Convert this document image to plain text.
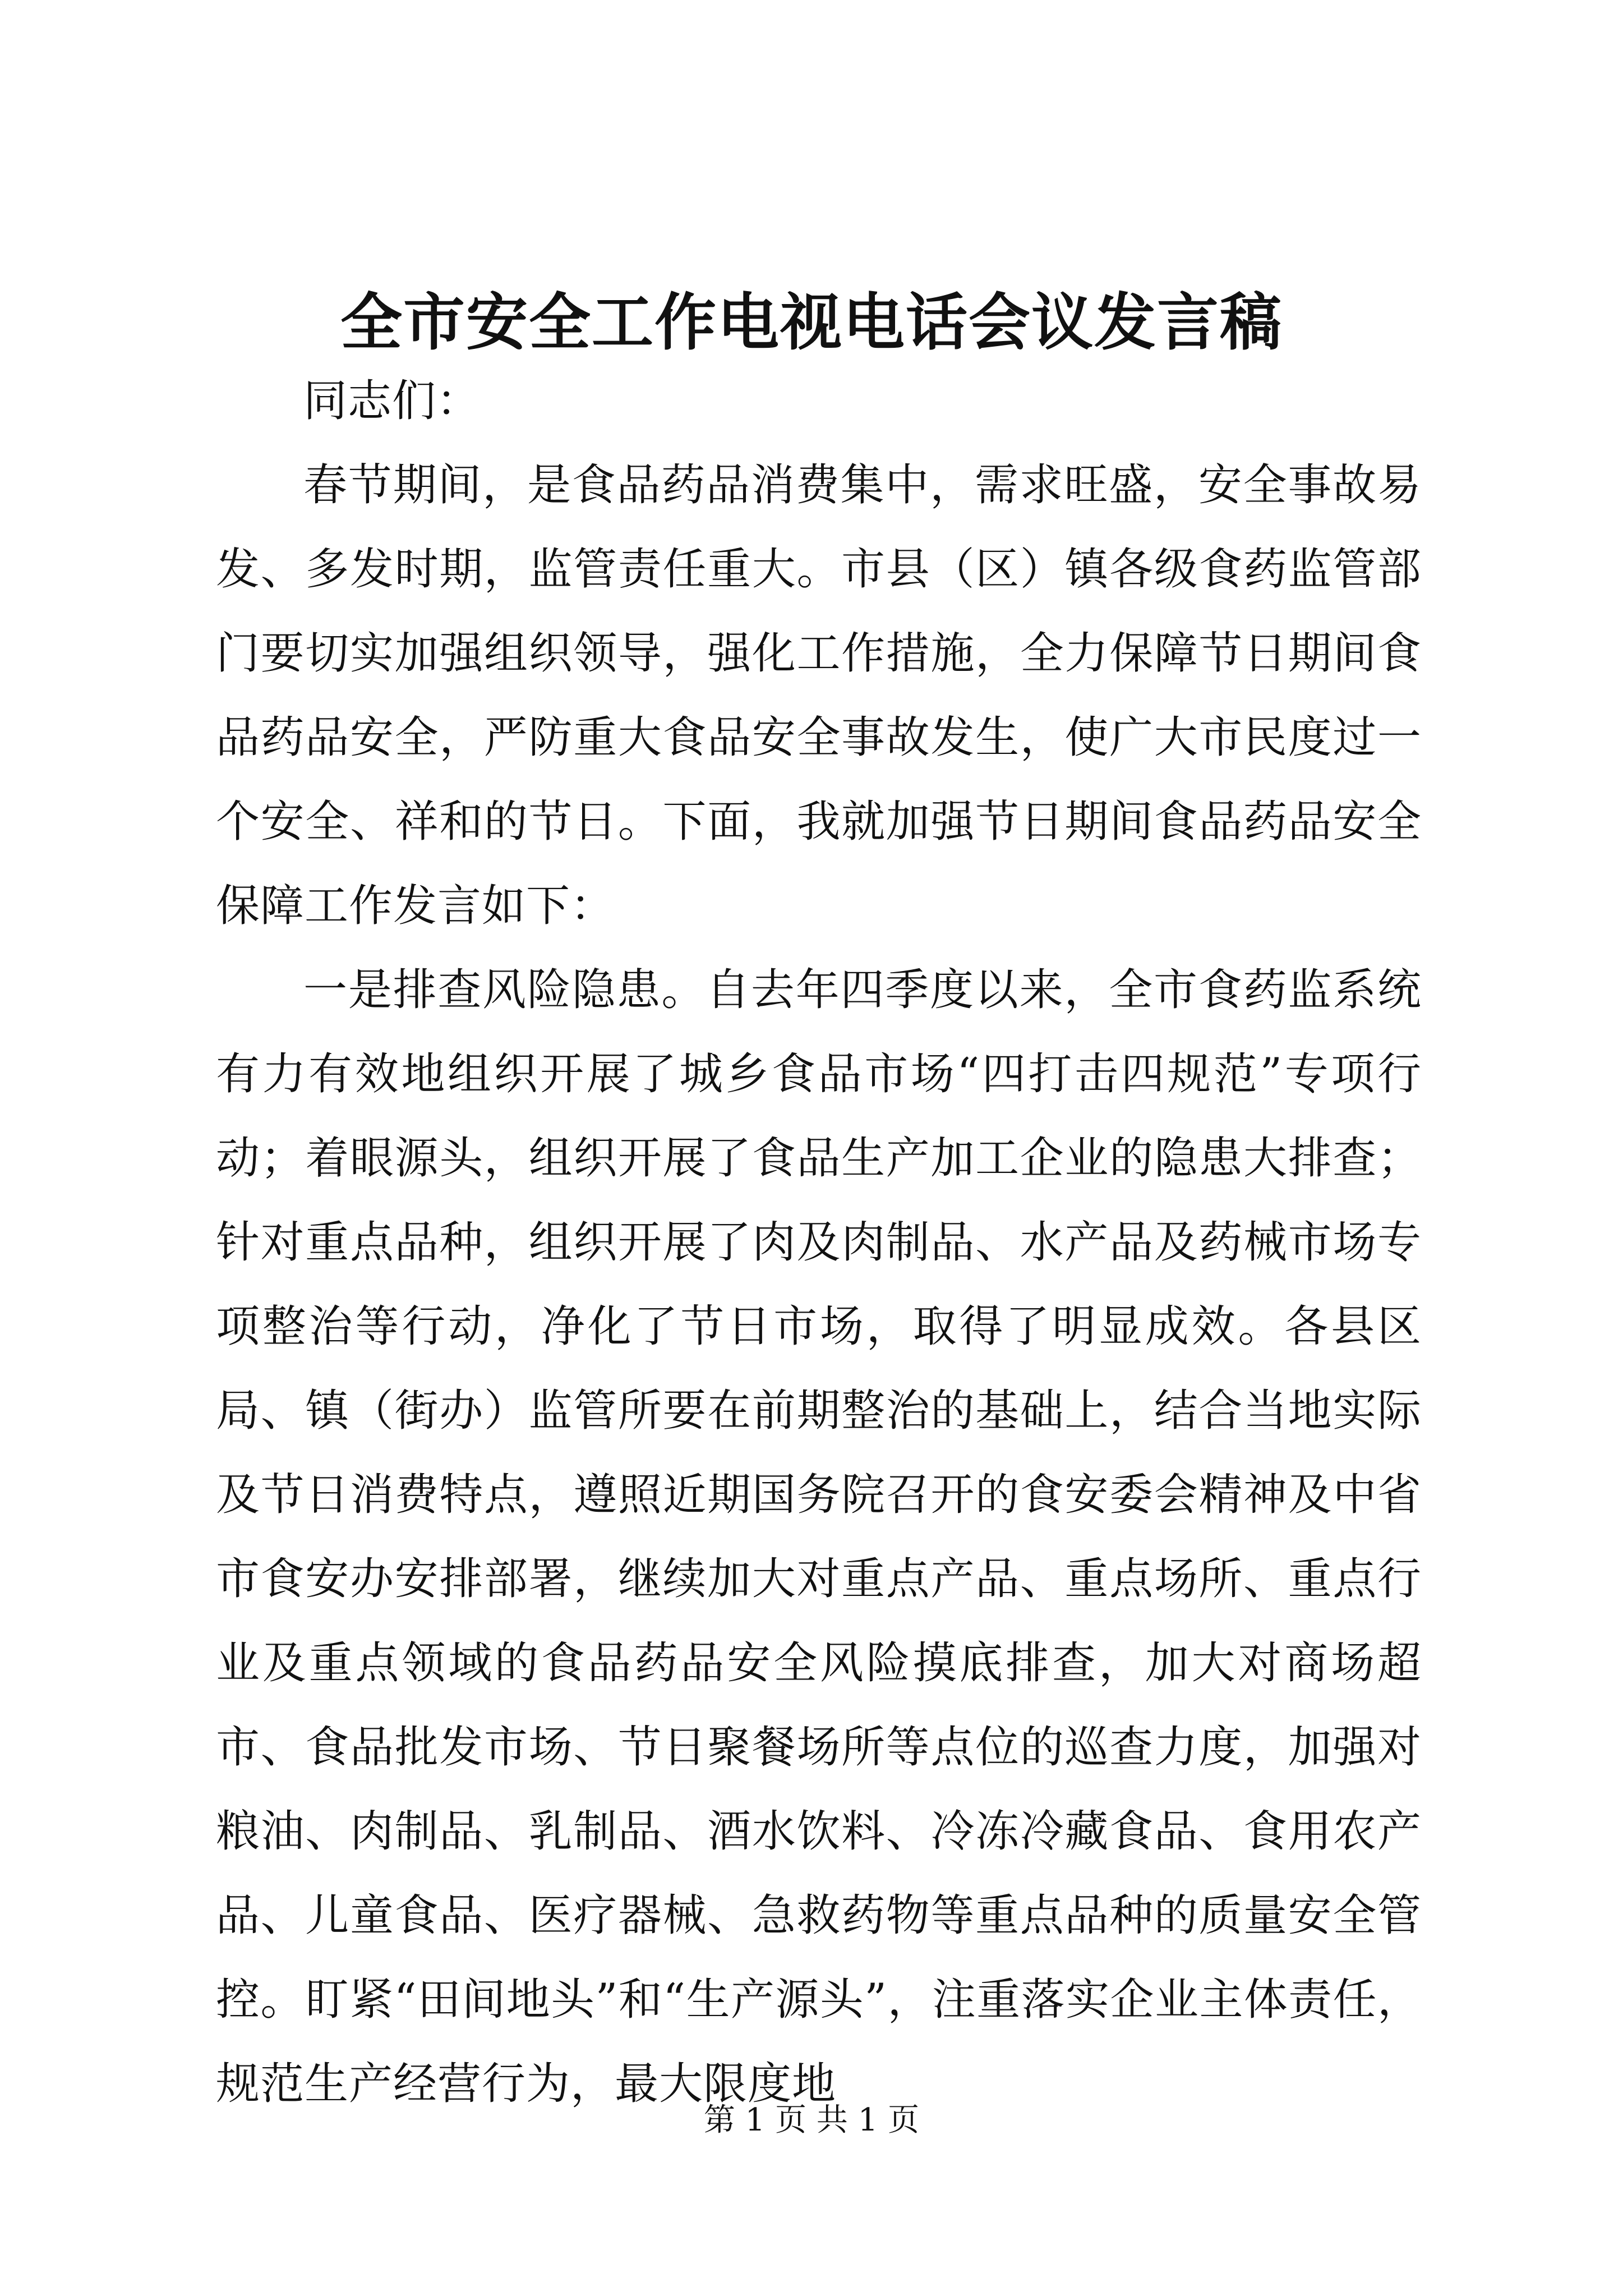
全市安全工作电视电话会议发言稿

同志们：

春节期间，是食品药品消费集中，需求旺盛，安全事故易发、多发时期，监管责任重大。市县（区）镇各级食药监管部门要切实加强组织领导，强化工作措施，全力保障节日期间食品药品安全，严防重大食品安全事故发生，使广大市民度过一个安全、祥和的节日。下面，我就加强节日期间食品药品安全保障工作发言如下：

一是排查风险隐患。自去年四季度以来，全市食药监系统有力有效地组织开展了城乡食品市场“四打击四规范”专项行动；着眼源头，组织开展了食品生产加工企业的隐患大排查；针对重点品种，组织开展了肉及肉制品、水产品及药械市场专项整治等行动，净化了节日市场，取得了明显成效。各县区局、镇（街办）监管所要在前期整治的基础上，结合当地实际及节日消费特点，遵照近期国务院召开的食安委会精神及中省市食安办安排部署，继续加大对重点产品、重点场所、重点行业及重点领域的食品药品安全风险摸底排查，加大对商场超市、食品批发市场、节日聚餐场所等点位的巡查力度，加强对粮油、肉制品、乳制品、酒水饮料、冷冻冷藏食品、食用农产品、儿童食品、医疗器械、急救药物等重点品种的质量安全管控。盯紧“田间地头”和“生产源头”，注重落实企业主体责任，规范生产经营行为，最大限度地

第 1 页 共 1 页
